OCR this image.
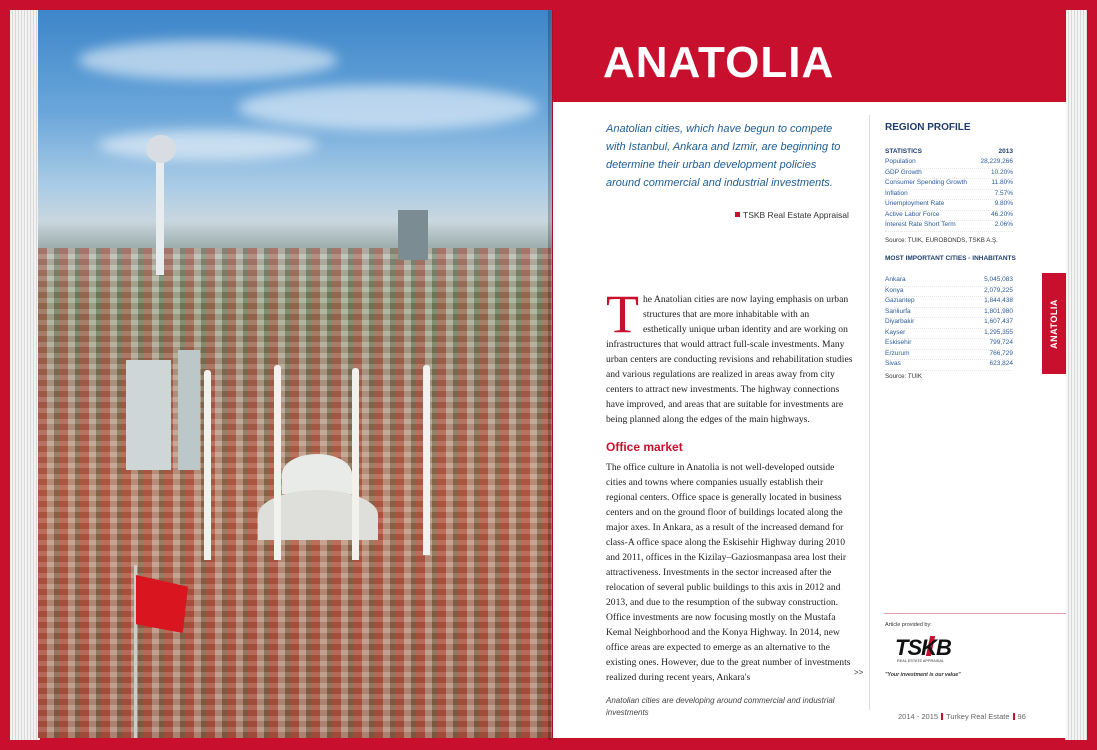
ANATOLIA

Anatolian cities, which have begun to compete with Istanbul, Ankara and Izmir, are beginning to determine their urban development policies around commercial and industrial investments.

TSKB Real Estate Appraisal
The Anatolian cities are now laying emphasis on urban structures that are more inhabitable with an esthetically unique urban identity and are working on infrastructures that would attract full-scale investments. Many urban centers are conducting revisions and rehabilitation studies and various regulations are realized in areas away from city centers to attract new investments. The highway connections have improved, and areas that are suitable for investments are being planned along the edges of the main highways.
Office market

The office culture in Anatolia is not well-developed outside cities and towns where companies usually establish their regional centers. Office space is generally located in business centers and on the ground floor of buildings located along the major axes. In Ankara, as a result of the increased demand for class-A office space along the Eskisehir Highway during 2010 and 2011, offices in the Kizilay–Gaziosmanpasa area lost their attractiveness. Investments in the sector increased after the relocation of several public buildings to this axis in 2012 and 2013, and due to the resumption of the subway construction. Office investments are now focusing mostly on the Mustafa Kemal Neighborhood and the Konya Highway. In 2014, new office areas are expected to emerge as an alternative to the existing ones. However, due to the great number of investments realized during recent years, Ankara's	>>

Anatolian cities are developing around commercial and industrial investments

REGION PROFILE
STATISTICS	2013
Population	28,229,266
GDP Growth	10.20%
Consumer Spending Growth	11.80%
Inflation	7.57%
Unemployment Rate	9.80%
Active Labor Force	46.20%
Interest Rate Short Term	2.06%
Source: TUIK, EUROBONDS, TSKB A.Ş.
MOST IMPORTANT CITIES - INHABITANTS
Ankara	5,045,083
Konya	2,079,225
Gaziantep	1,844,438
Sanliurfa	1,801,980
Diyarbakir	1,607,437
Kayser	1,295,355
Eskisehir	799,724
Erzurum	766,729
Sivas	623,824
Source: TUIK
Article provided by:
TSKB
REAL ESTATE APPRAISAL
"Your investment is our value"
2014 - 2015 Turkey Real Estate 96
ANATOLIA
